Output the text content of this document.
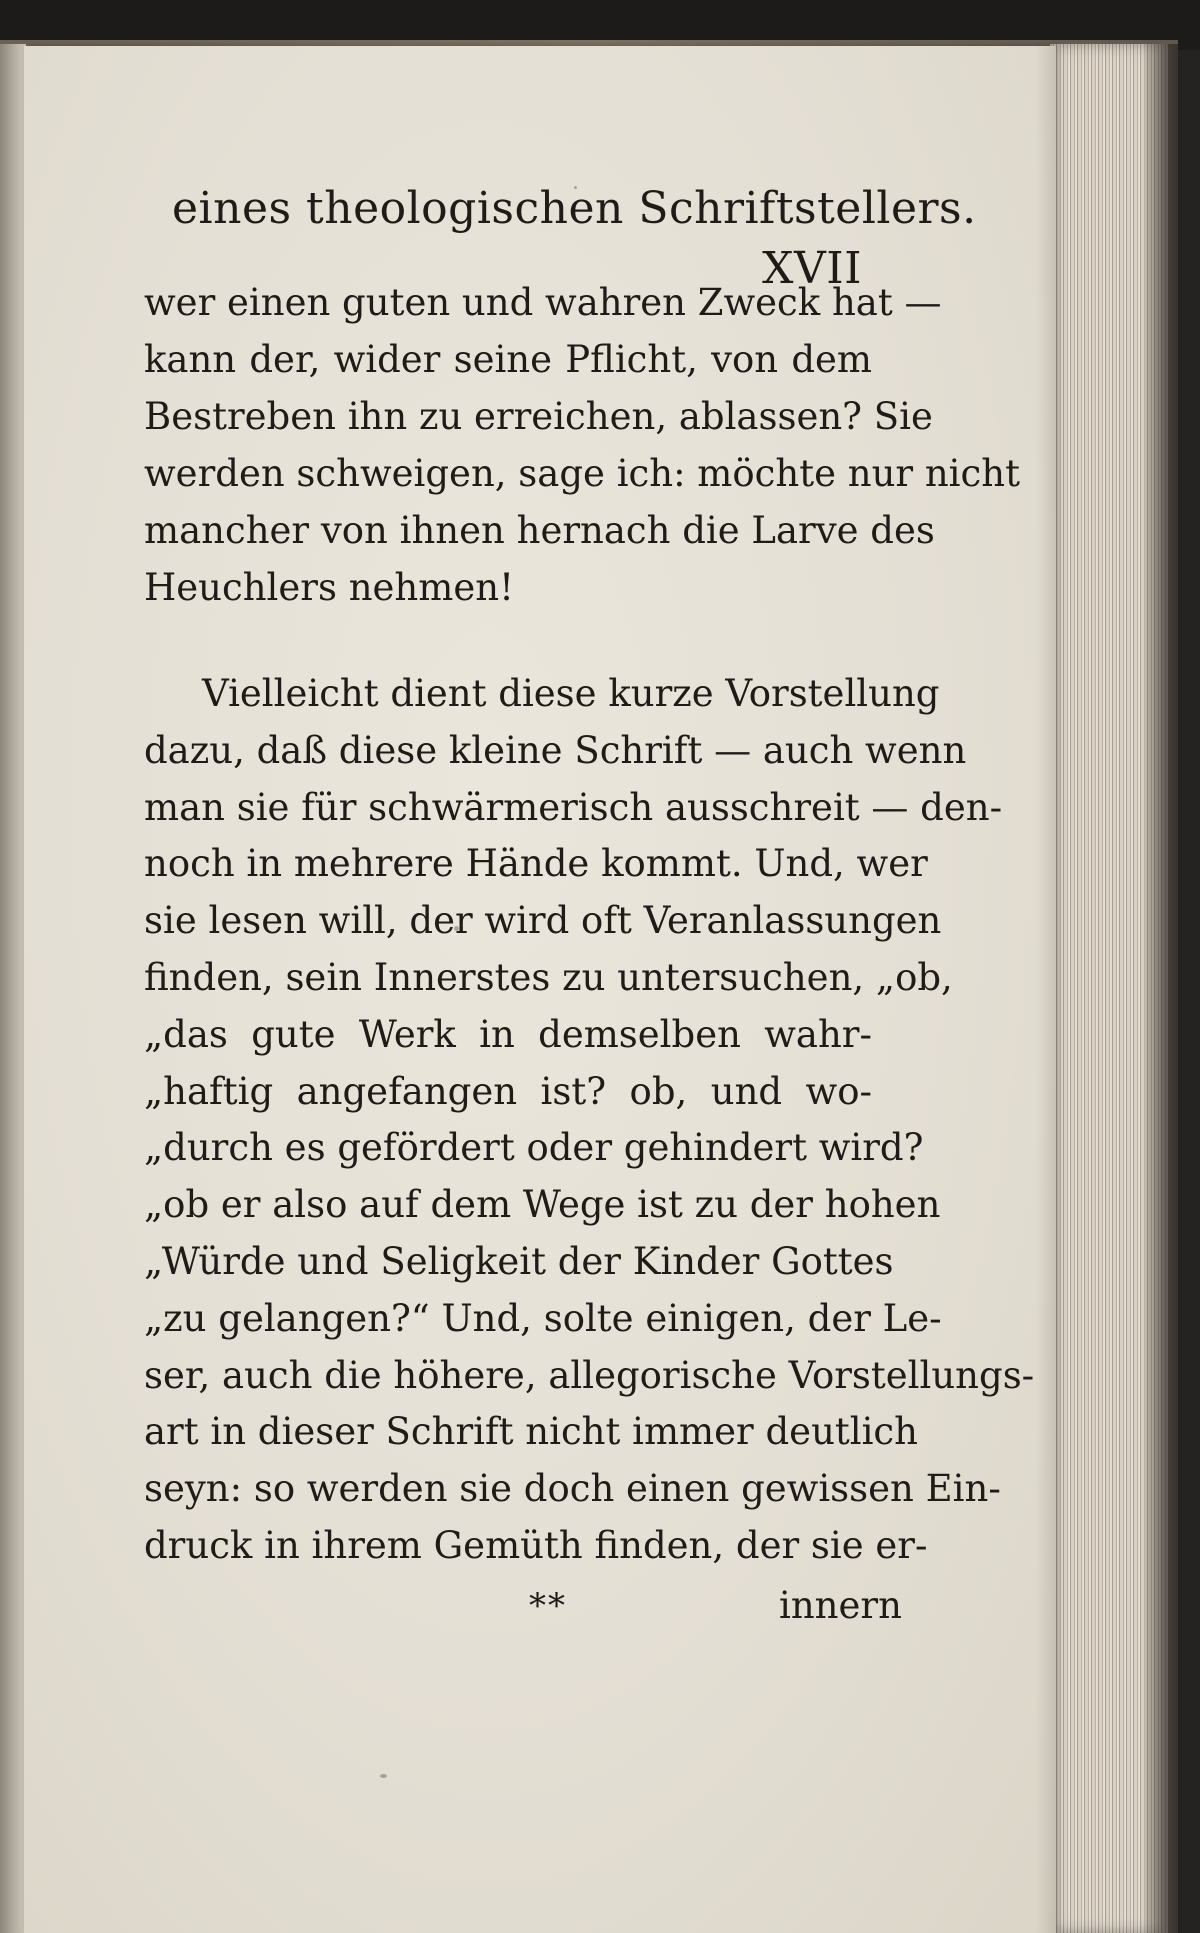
eines theologischen Schriftstellers.
XVII
wer einen guten und wahren Zweck hat —
kann der, wider seine Pflicht, von dem
Bestreben ihn zu erreichen, ablassen? Sie
werden schweigen, sage ich: möchte nur nicht
mancher von ihnen hernach die Larve des
Heuchlers nehmen!
Vielleicht dient diese kurze Vorstellung
dazu, daß diese kleine Schrift — auch wenn
man sie für schwärmerisch ausschreit — den-
noch in mehrere Hände kommt. Und, wer
sie lesen will, der wird oft Veranlassungen
finden, sein Innerstes zu untersuchen, „ob,
„das gute Werk in demselben wahr-
„haftig angefangen ist? ob, und wo-
„durch es gefördert oder gehindert wird?
„ob er also auf dem Wege ist zu der hohen
„Würde und Seligkeit der Kinder Gottes
„zu gelangen?“ Und, solte einigen, der Le-
ser, auch die höhere, allegorische Vorstellungs-
art in dieser Schrift nicht immer deutlich
seyn: so werden sie doch einen gewissen Ein-
druck in ihrem Gemüth finden, der sie er-
**	innern
